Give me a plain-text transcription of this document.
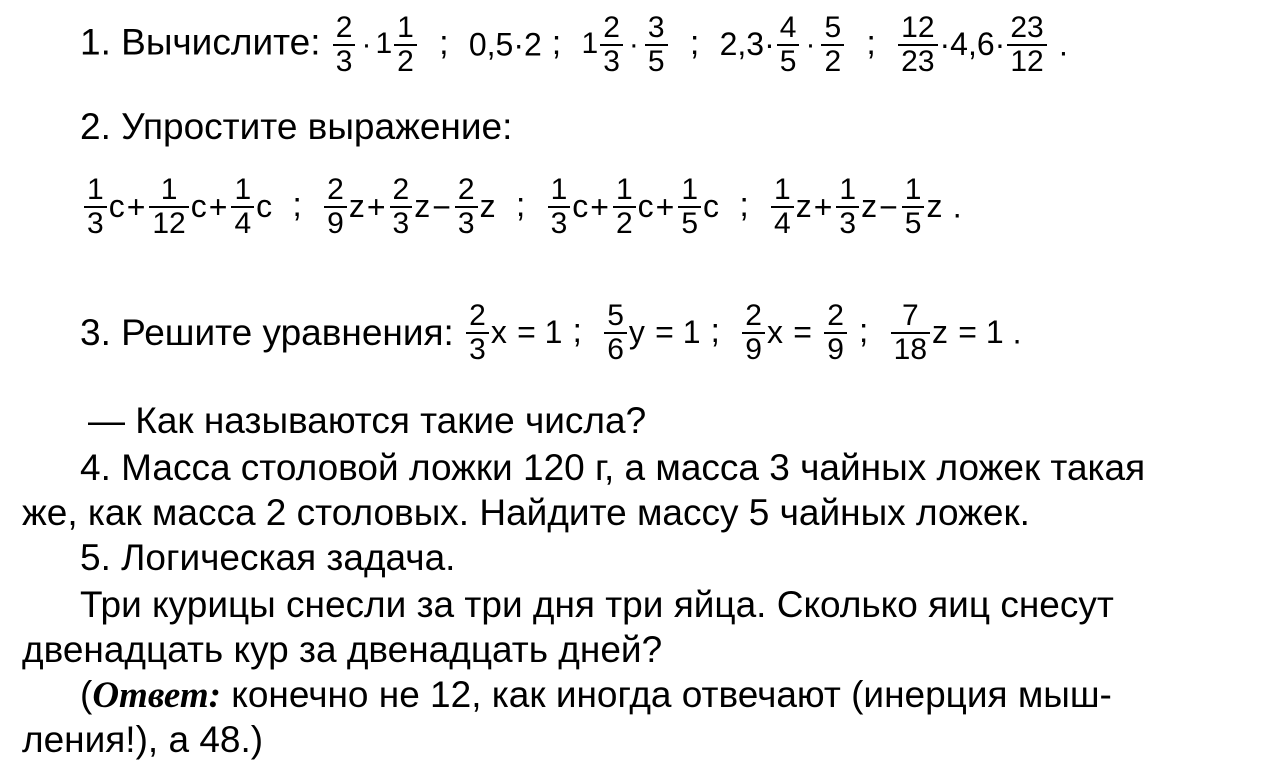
1. Вычислите: $\frac{2}{3} \cdot 1 \frac{1}{2}$ ; 0,5·2 ; $1 \frac{2}{3} \cdot \frac{3}{5}$ ; $2,3\cdot \frac{4}{5} \cdot \frac{5}{2}$ ; $\frac{12}{23} \cdot 4,6\cdot \frac{23}{12}$ .
2. Упростите выражение:
$\frac{1}{3} c+ \frac{1}{12} c+ \frac{1}{4}$ c ; $\frac{2}{9} z+ \frac{2}{3} z- \frac{2}{3}$ z ; $\frac{1}{3} c+ \frac{1}{2} c+ \frac{1}{5}$ c ; $\frac{1}{4} z+ \frac{1}{3} z- \frac{1}{5}$ z .
3. Решите уравнения: $\frac{2}{3}$ x = 1 ; $\frac{5}{6}$ y = 1 ; $\frac{2}{9}$ $x = \frac{2}{9}$ ; $\frac{7}{18}$ z = 1 .
— Как называются такие числа?
4. Масса столовой ложки 120 г, а масса 3 чайных ложек такая
же, как масса 2 столовых. Найдите массу 5 чайных ложек.
5. Логическая задача.
Три курицы снесли за три дня три яйца. Сколько яиц снесут
двенадцать кур за двенадцать дней?
(Ответ: конечно не 12, как иногда отвечают (инерция мыш-
ления!), а 48.)
